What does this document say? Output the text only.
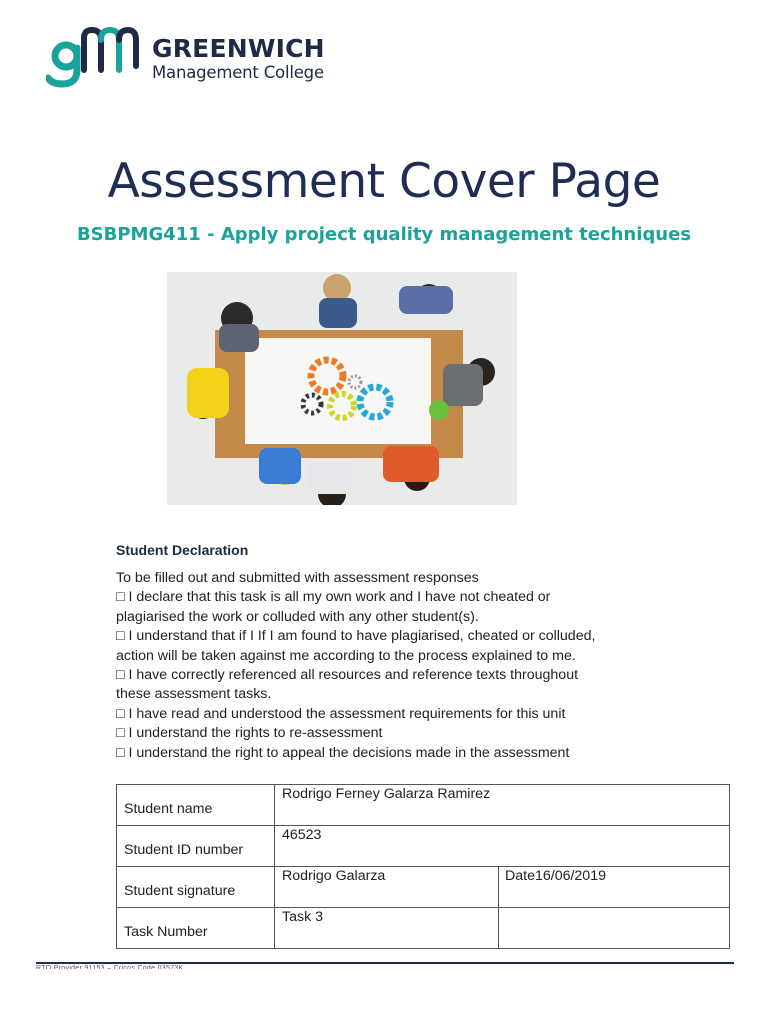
GREENWICH
Management College
Assessment Cover Page
BSBPMG411 - Apply project quality management techniques
Student Declaration
To be filled out and submitted with assessment responses
□ I declare that this task is all my own work and I have not cheated or
plagiarised the work or colluded with any other student(s).
□ I understand that if I If I am found to have plagiarised, cheated or colluded,
action will be taken against me according to the process explained to me.
□ I have correctly referenced all resources and reference texts throughout
these assessment tasks.
□ I have read and understood the assessment requirements for this unit
□ I understand the rights to re-assessment
□ I understand the right to appeal the decisions made in the assessment
Student name	Rodrigo Ferney Galarza Ramirez	
Student ID number	46523	
Student signature	Rodrigo Galarza	Date16/06/2019
Task Number	Task 3	
RTO Provider 91153 – Cricos Code 03573K
